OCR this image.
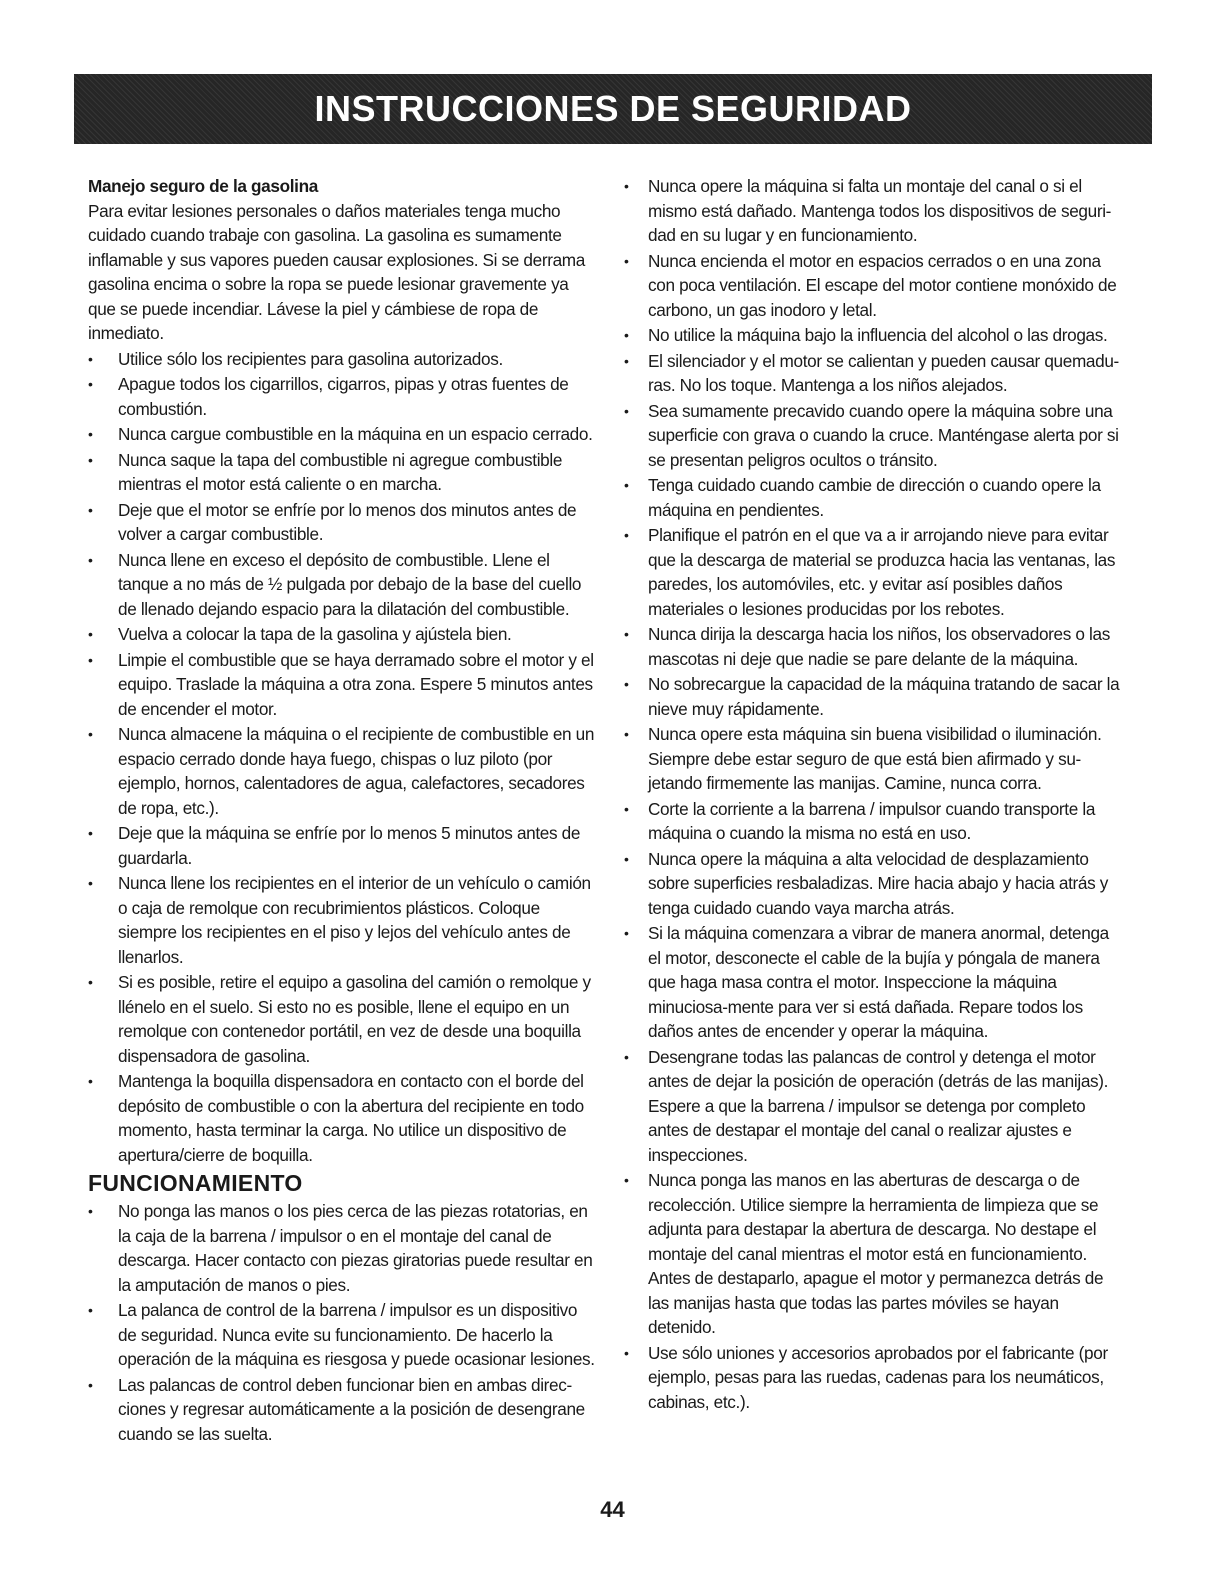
INSTRUCCIONES DE SEGURIDAD

Manejo seguro de la gasolina

Para evitar lesiones personales o daños materiales tenga mucho cuidado cuando trabaje con gasolina. La gasolina es sumamente inflamable y sus vapores pueden causar explosiones. Si se derrama gasolina encima o sobre la ropa se puede lesionar gravemente ya que se puede incendiar. Lávese la piel y cámbiese de ropa de inmediato.

• Utilice sólo los recipientes para gasolina autorizados.
• Apague todos los cigarrillos, cigarros, pipas y otras fuentes de combustión.
• Nunca cargue combustible en la máquina en un espacio cerrado.
• Nunca saque la tapa del combustible ni agregue combustible mientras el motor está caliente o en marcha.
• Deje que el motor se enfríe por lo menos dos minutos antes de volver a cargar combustible.
• Nunca llene en exceso el depósito de combustible. Llene el tanque a no más de ½ pulgada por debajo de la base del cuello de llenado dejando espacio para la dilatación del combustible.
• Vuelva a colocar la tapa de la gasolina y ajústela bien.
• Limpie el combustible que se haya derramado sobre el motor y el equipo. Traslade la máquina a otra zona. Espere 5 minutos antes de encender el motor.
• Nunca almacene la máquina o el recipiente de combustible en un espacio cerrado donde haya fuego, chispas o luz piloto (por ejemplo, hornos, calentadores de agua, calefactores, secadores de ropa, etc.).
• Deje que la máquina se enfríe por lo menos 5 minutos antes de guardarla.
• Nunca llene los recipientes en el interior de un vehículo o camión o caja de remolque con recubrimientos plásticos. Coloque siempre los recipientes en el piso y lejos del vehículo antes de llenarlos.
• Si es posible, retire el equipo a gasolina del camión o remolque y llénelo en el suelo. Si esto no es posible, llene el equipo en un remolque con contenedor portátil, en vez de desde una boquilla dispensadora de gasolina.
• Mantenga la boquilla dispensadora en contacto con el borde del depósito de combustible o con la abertura del recipiente en todo momento, hasta terminar la carga. No utilice un dispositivo de apertura/cierre de boquilla.
FUNCIONAMIENTO
• No ponga las manos o los pies cerca de las piezas rotatorias, en la caja de la barrena / impulsor o en el montaje del canal de descarga. Hacer contacto con piezas giratorias puede resultar en la amputación de manos o pies.
• La palanca de control de la barrena / impulsor es un dispositivo de seguridad. Nunca evite su funcionamiento. De hacerlo la operación de la máquina es riesgosa y puede ocasionar lesiones.
• Las palancas de control deben funcionar bien en ambas direc-ciones y regresar automáticamente a la posición de desengrane cuando se las suelta.
• Nunca opere la máquina si falta un montaje del canal o si el mismo está dañado. Mantenga todos los dispositivos de seguri-dad en su lugar y en funcionamiento.
• Nunca encienda el motor en espacios cerrados o en una zona con poca ventilación. El escape del motor contiene monóxido de carbono, un gas inodoro y letal.
• No utilice la máquina bajo la influencia del alcohol o las drogas.
• El silenciador y el motor se calientan y pueden causar quemadu-ras. No los toque. Mantenga a los niños alejados.
• Sea sumamente precavido cuando opere la máquina sobre una superficie con grava o cuando la cruce. Manténgase alerta por si se presentan peligros ocultos o tránsito.
• Tenga cuidado cuando cambie de dirección o cuando opere la máquina en pendientes.
• Planifique el patrón en el que va a ir arrojando nieve para evitar que la descarga de material se produzca hacia las ventanas, las paredes, los automóviles, etc. y evitar así posibles daños materiales o lesiones producidas por los rebotes.
• Nunca dirija la descarga hacia los niños, los observadores o las mascotas ni deje que nadie se pare delante de la máquina.
• No sobrecargue la capacidad de la máquina tratando de sacar la nieve muy rápidamente.
• Nunca opere esta máquina sin buena visibilidad o iluminación. Siempre debe estar seguro de que está bien afirmado y su-jetando firmemente las manijas. Camine, nunca corra.
• Corte la corriente a la barrena / impulsor cuando transporte la máquina o cuando la misma no está en uso.
• Nunca opere la máquina a alta velocidad de desplazamiento sobre superficies resbaladizas. Mire hacia abajo y hacia atrás y tenga cuidado cuando vaya marcha atrás.
• Si la máquina comenzara a vibrar de manera anormal, detenga el motor, desconecte el cable de la bujía y póngala de manera que haga masa contra el motor. Inspeccione la máquina minuciosa-mente para ver si está dañada. Repare todos los daños antes de encender y operar la máquina.
• Desengrane todas las palancas de control y detenga el motor antes de dejar la posición de operación (detrás de las manijas). Espere a que la barrena / impulsor se detenga por completo antes de destapar el montaje del canal o realizar ajustes e inspecciones.
• Nunca ponga las manos en las aberturas de descarga o de recolección. Utilice siempre la herramienta de limpieza que se adjunta para destapar la abertura de descarga. No destape el montaje del canal mientras el motor está en funcionamiento. Antes de destaparlo, apague el motor y permanezca detrás de las manijas hasta que todas las partes móviles se hayan detenido.
• Use sólo uniones y accesorios aprobados por el fabricante (por ejemplo, pesas para las ruedas, cadenas para los neumáticos, cabinas, etc.).
44
